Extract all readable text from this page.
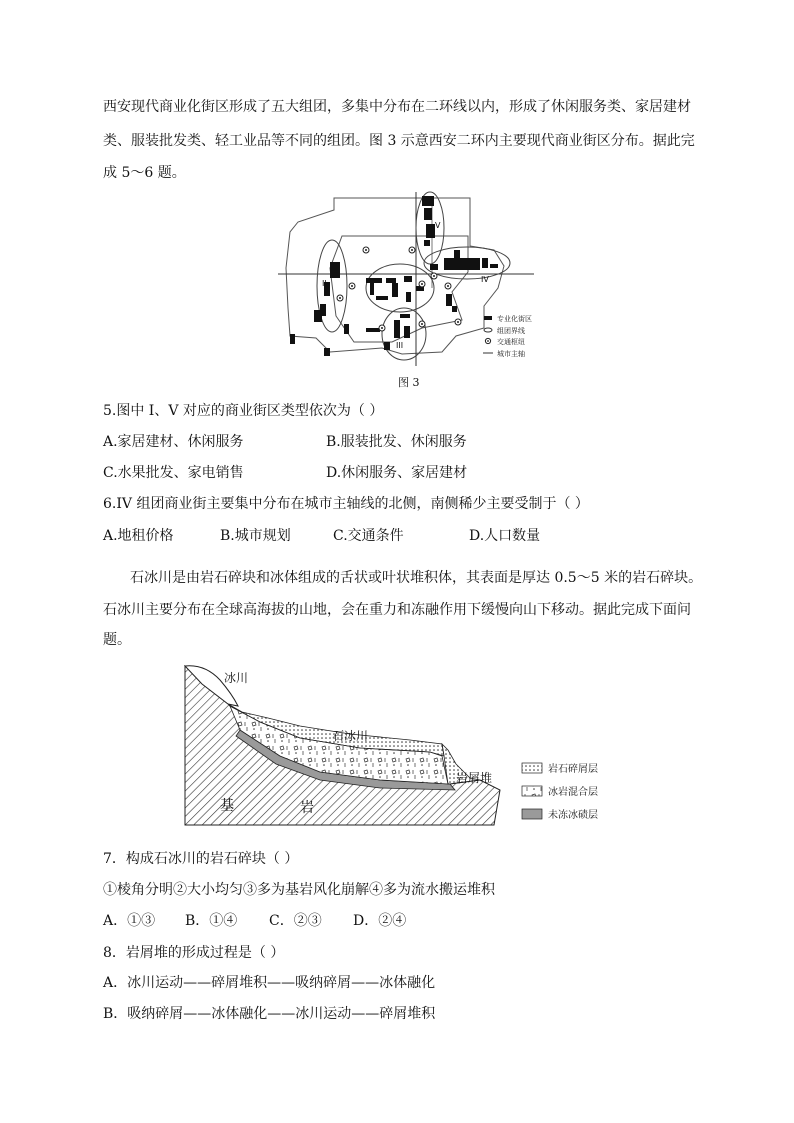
西安现代商业化街区形成了五大组团，多集中分布在二环线以内，形成了休闲服务类、家居建材
类、服装批发类、轻工业品等不同的组团。图 3 示意西安二环内主要现代商业街区分布。据此完
成 5～6 题。
I
II
III
IV
V
专业化街区
组团界线
交通枢纽
城市主轴
图 3
5.图中 I、V 对应的商业街区类型依次为（ ）
A.家居建材、休闲服务	B.服装批发、休闲服务
C.水果批发、家电销售	D.休闲服务、家居建材
6.IV 组团商业街主要集中分布在城市主轴线的北侧，南侧稀少主要受制于（ ）
A.地租价格	B.城市规划	C.交通条件	D.人口数量
石冰川是由岩石碎块和冰体组成的舌状或叶状堆积体，其表面是厚达 0.5～5 米的岩石碎块。
石冰川主要分布在全球高海拔的山地，会在重力和冻融作用下缓慢向山下移动。据此完成下面问
题。
冰川
石冰川
岩屑堆
基	岩
岩石碎屑层
冰岩混合层
未冻冰碛层
7．构成石冰川的岩石碎块（ ）
①棱角分明②大小均匀③多为基岩风化崩解④多为流水搬运堆积
A．①③ B．①④ C．②③ D．②④
8．岩屑堆的形成过程是（ ）
A．冰川运动——碎屑堆积——吸纳碎屑——冰体融化
B．吸纳碎屑——冰体融化——冰川运动——碎屑堆积
